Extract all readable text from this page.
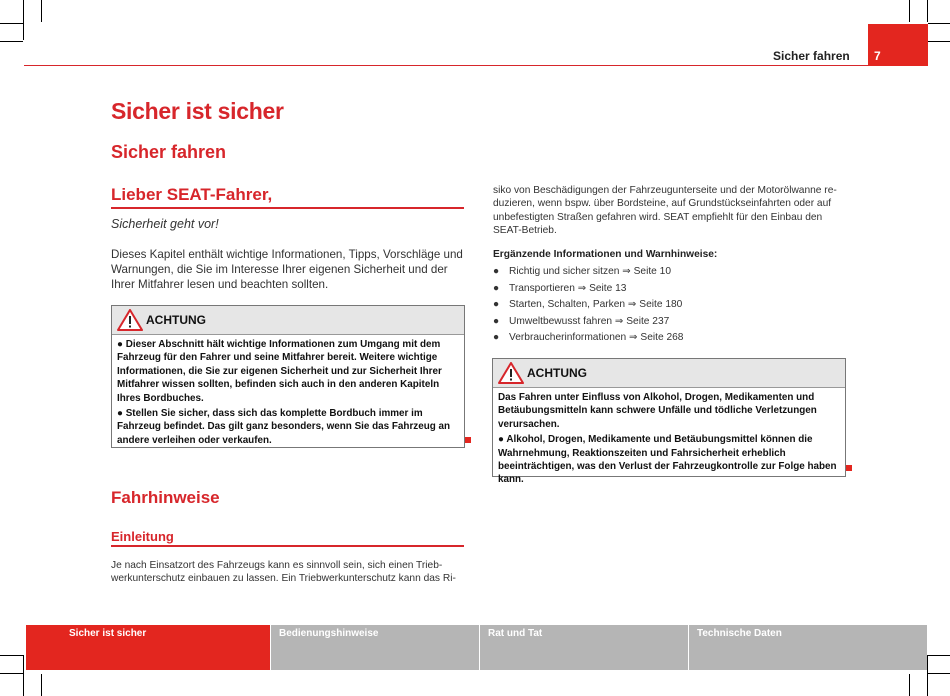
Sicher fahren 7
Sicher ist sicher
Sicher fahren
Lieber SEAT-Fahrer,
Sicherheit geht vor!
Dieses Kapitel enthält wichtige Informationen, Tipps, Vorschläge und Warnungen, die Sie im Interesse Ihrer eigenen Sicherheit und der Ihrer Mitfahrer lesen und beachten sollten.
ACHTUNG

● Dieser Abschnitt hält wichtige Informationen zum Umgang mit dem Fahrzeug für den Fahrer und seine Mitfahrer bereit. Weitere wichtige Informationen, die Sie zur eigenen Sicherheit und zur Sicherheit Ihrer Mitfahrer wissen sollten, befinden sich auch in den anderen Kapiteln Ihres Bordbuches.

● Stellen Sie sicher, dass sich das komplette Bordbuch immer im Fahrzeug befindet. Das gilt ganz besonders, wenn Sie das Fahrzeug an andere verleihen oder verkaufen.

Fahrhinweise
Einleitung
Je nach Einsatzort des Fahrzeugs kann es sinnvoll sein, sich einen Trieb-
werkunterschutz einbauen zu lassen. Ein Triebwerkunterschutz kann das Ri-
siko von Beschädigungen der Fahrzeugunterseite und der Motorölwanne re-
duzieren, wenn bspw. über Bordsteine, auf Grundstückseinfahrten oder auf
unbefestigten Straßen gefahren wird. SEAT empfiehlt für den Einbau den
SEAT-Betrieb.
Ergänzende Informationen und Warnhinweise:
● Richtig und sicher sitzen ⇒ Seite 10
● Transportieren ⇒ Seite 13
● Starten, Schalten, Parken ⇒ Seite 180
● Umweltbewusst fahren ⇒ Seite 237
● Verbraucherinformationen ⇒ Seite 268
ACHTUNG

Das Fahren unter Einfluss von Alkohol, Drogen, Medikamenten und Betäubungsmitteln kann schwere Unfälle und tödliche Verletzungen verursachen.

● Alkohol, Drogen, Medikamente und Betäubungsmittel können die Wahrnehmung, Reaktionszeiten und Fahrsicherheit erheblich beeinträchtigen, was den Verlust der Fahrzeugkontrolle zur Folge haben kann.

Sicher ist sicher	Bedienungshinweise	Rat und Tat	Technische Daten
